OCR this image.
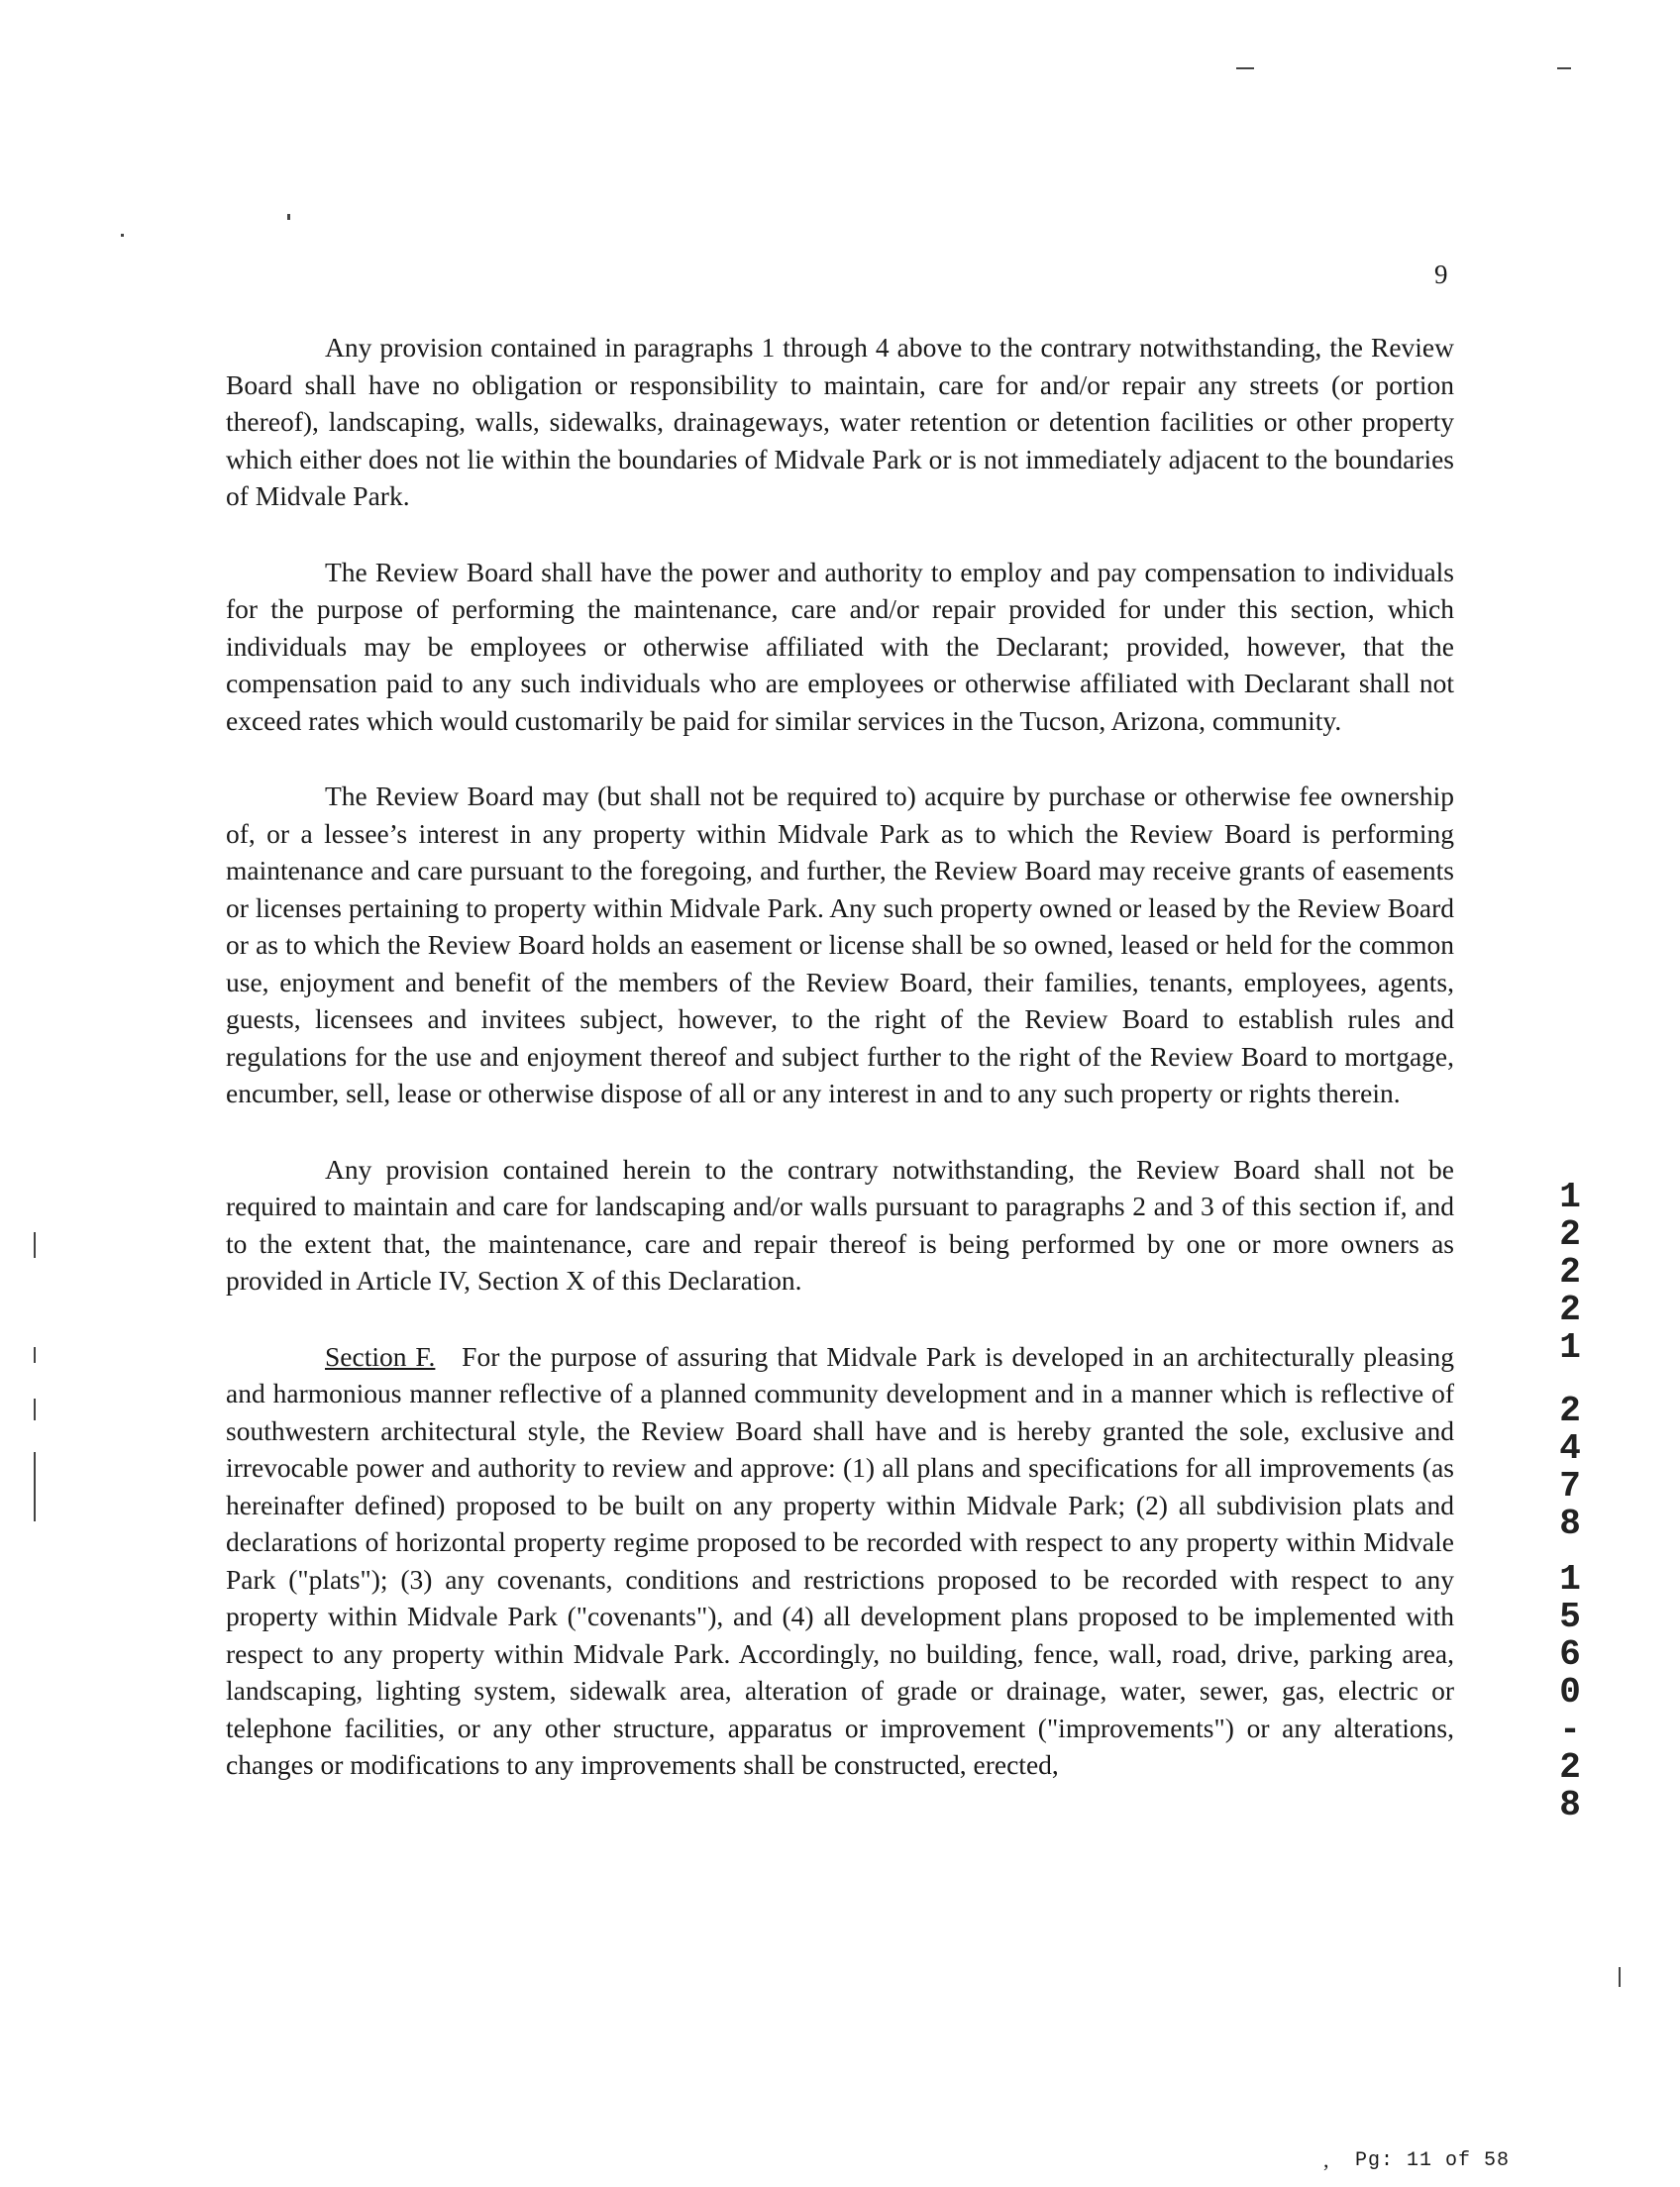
9

Any provision contained in paragraphs 1 through 4 above to the contrary notwithstanding, the Review Board shall have no obligation or responsibility to maintain, care for and/or repair any streets (or portion thereof), landscaping, walls, sidewalks, drainageways, water retention or detention facilities or other property which either does not lie within the boundaries of Midvale Park or is not immediately adjacent to the boundaries of Midvale Park.

The Review Board shall have the power and authority to employ and pay compensation to individuals for the purpose of performing the maintenance, care and/or repair provided for under this section, which individuals may be employees or otherwise affiliated with the Declarant; provided, however, that the compensation paid to any such individuals who are employees or otherwise affiliated with Declarant shall not exceed rates which would customarily be paid for similar services in the Tucson, Arizona, community.

The Review Board may (but shall not be required to) acquire by purchase or otherwise fee ownership of, or a lessee’s interest in any property within Midvale Park as to which the Review Board is performing maintenance and care pursuant to the foregoing, and further, the Review Board may receive grants of easements or licenses pertaining to property within Midvale Park. Any such property owned or leased by the Review Board or as to which the Review Board holds an easement or license shall be so owned, leased or held for the common use, enjoyment and benefit of the members of the Review Board, their families, tenants, employees, agents, guests, licensees and invitees subject, however, to the right of the Review Board to establish rules and regulations for the use and enjoyment thereof and subject further to the right of the Review Board to mortgage, encumber, sell, lease or otherwise dispose of all or any interest in and to any such property or rights therein.

Any provision contained herein to the contrary notwithstanding, the Review Board shall not be required to maintain and care for landscaping and/or walls pursuant to paragraphs 2 and 3 of this section if, and to the extent that, the maintenance, care and repair thereof is being performed by one or more owners as provided in Article IV, Section X of this Declaration.

Section F. For the purpose of assuring that Midvale Park is developed in an architecturally pleasing and harmonious manner reflective of a planned community development and in a manner which is reflective of southwestern architectural style, the Review Board shall have and is hereby granted the sole, exclusive and irrevocable power and authority to review and approve: (1) all plans and specifications for all improvements (as hereinafter defined) proposed to be built on any property within Midvale Park; (2) all subdivision plats and declarations of horizontal property regime proposed to be recorded with respect to any property within Midvale Park ("plats"); (3) any covenants, conditions and restrictions proposed to be recorded with respect to any property within Midvale Park ("covenants"), and (4) all development plans proposed to be implemented with respect to any property within Midvale Park. Accordingly, no building, fence, wall, road, drive, parking area, landscaping, lighting system, sidewalk area, alteration of grade or drainage, water, sewer, gas, electric or telephone facilities, or any other structure, apparatus or improvement ("improvements") or any alterations, changes or modifications to any improvements shall be constructed, erected,

12221
2478
1560-28
, Pg: 11 of 58
